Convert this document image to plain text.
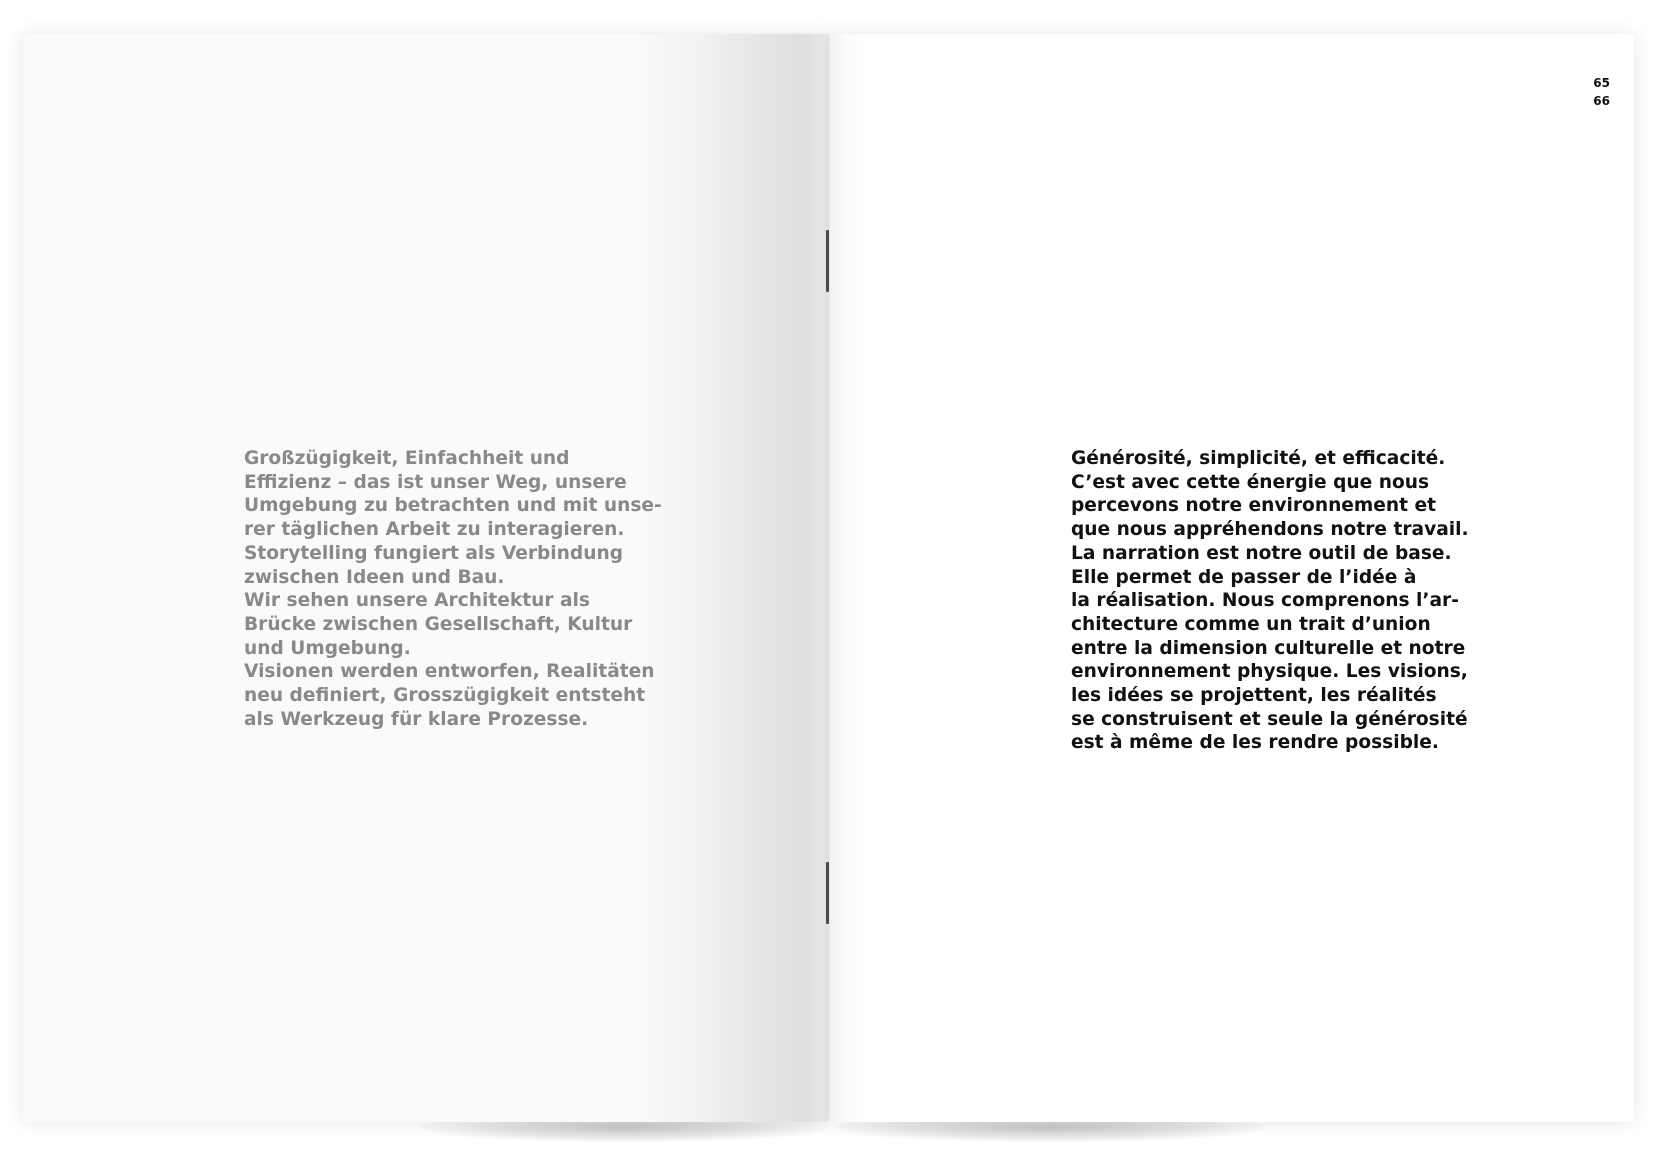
Großzügigkeit, Einfachheit und
Effizienz – das ist unser Weg, unsere
Umgebung zu betrachten und mit unse-
rer täglichen Arbeit zu interagieren.
Storytelling fungiert als Verbindung
zwischen Ideen und Bau.
Wir sehen unsere Architektur als
Brücke zwischen Gesellschaft, Kultur
und Umgebung.
Visionen werden entworfen, Realitäten
neu definiert, Grosszügigkeit entsteht
als Werkzeug für klare Prozesse.

65
66

Générosité, simplicité, et efficacité.
C’est avec cette énergie que nous
percevons notre environnement et
que nous appréhendons notre travail.
La narration est notre outil de base.
Elle permet de passer de l’idée à
la réalisation. Nous comprenons l’ar-
chitecture comme un trait d’union
entre la dimension culturelle et notre
environnement physique. Les visions,
les idées se projettent, les réalités
se construisent et seule la générosité
est à même de les rendre possible.
